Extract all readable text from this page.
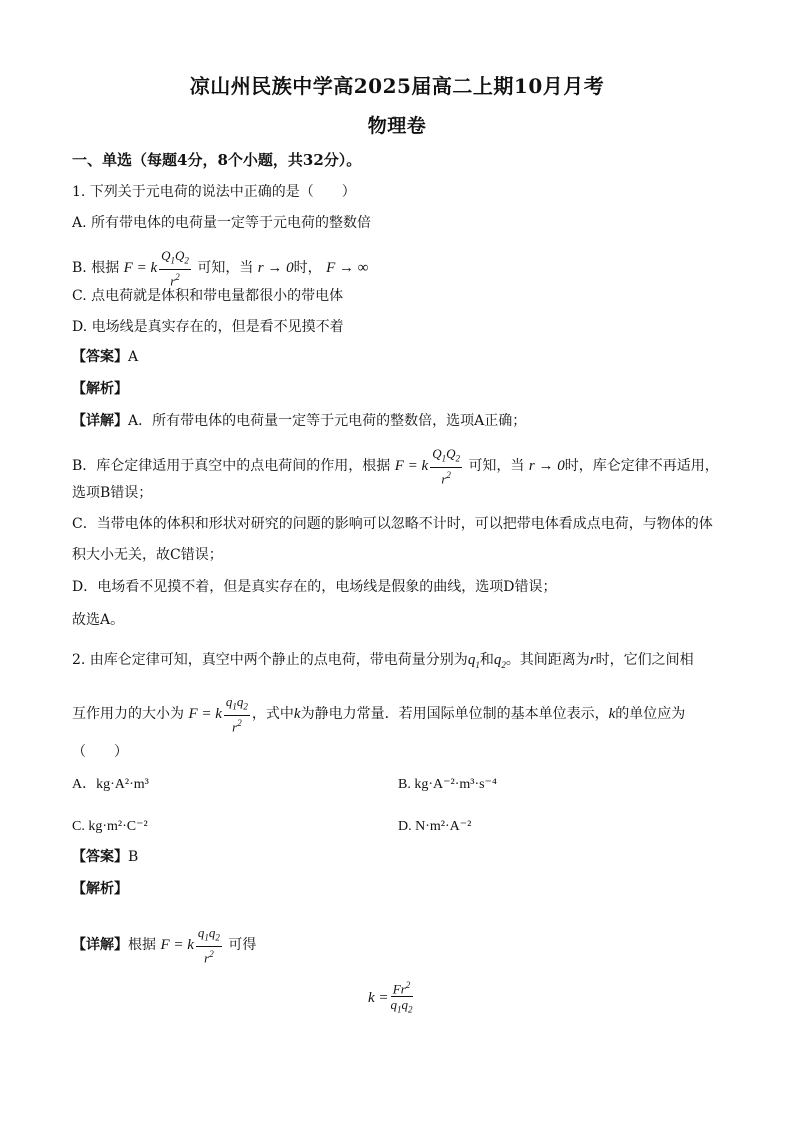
凉山州民族中学高2025届高二上期10月月考
物理卷
一、单选（每题4分，8个小题，共32分）。
1. 下列关于元电荷的说法中正确的是（　　）
A. 所有带电体的电荷量一定等于元电荷的整数倍
B. 根据 F = k $\frac{Q_1Q_2}{r^2}$ 可知，当 r → 0时， F → ∞
C. 点电荷就是体积和带电量都很小的带电体
D. 电场线是真实存在的，但是看不见摸不着
【答案】A
【解析】
【详解】A．所有带电体的电荷量一定等于元电荷的整数倍，选项A正确；
B．库仑定律适用于真空中的点电荷间的作用，根据 F = k $\frac{Q_1Q_2}{r^2}$ 可知，当 r → 0时，库仑定律不再适用，
选项B错误；
C．当带电体的体积和形状对研究的问题的影响可以忽略不计时，可以把带电体看成点电荷，与物体的体
积大小无关，故C错误；
D．电场看不见摸不着，但是真实存在的，电场线是假象的曲线，选项D错误；
故选A。
2. 由库仑定律可知，真空中两个静止的点电荷，带电荷量分别为$q_1$和$q_2$。其间距离为r时，它们之间相
互作用力的大小为 F = k $\frac{q_1q_2}{r^2}$ ，式中k为静电力常量．若用国际单位制的基本单位表示，k的单位应为
（　　）
A．kg·A²·m³	B. kg·A⁻²·m³·s⁻⁴
C. kg·m²·C⁻²	D. N·m²·A⁻²
【答案】B
【解析】
【详解】根据 F = k $\frac{q_1q_2}{r^2}$ 可得
$k = \frac{Fr^2}{q_1q_2}$
